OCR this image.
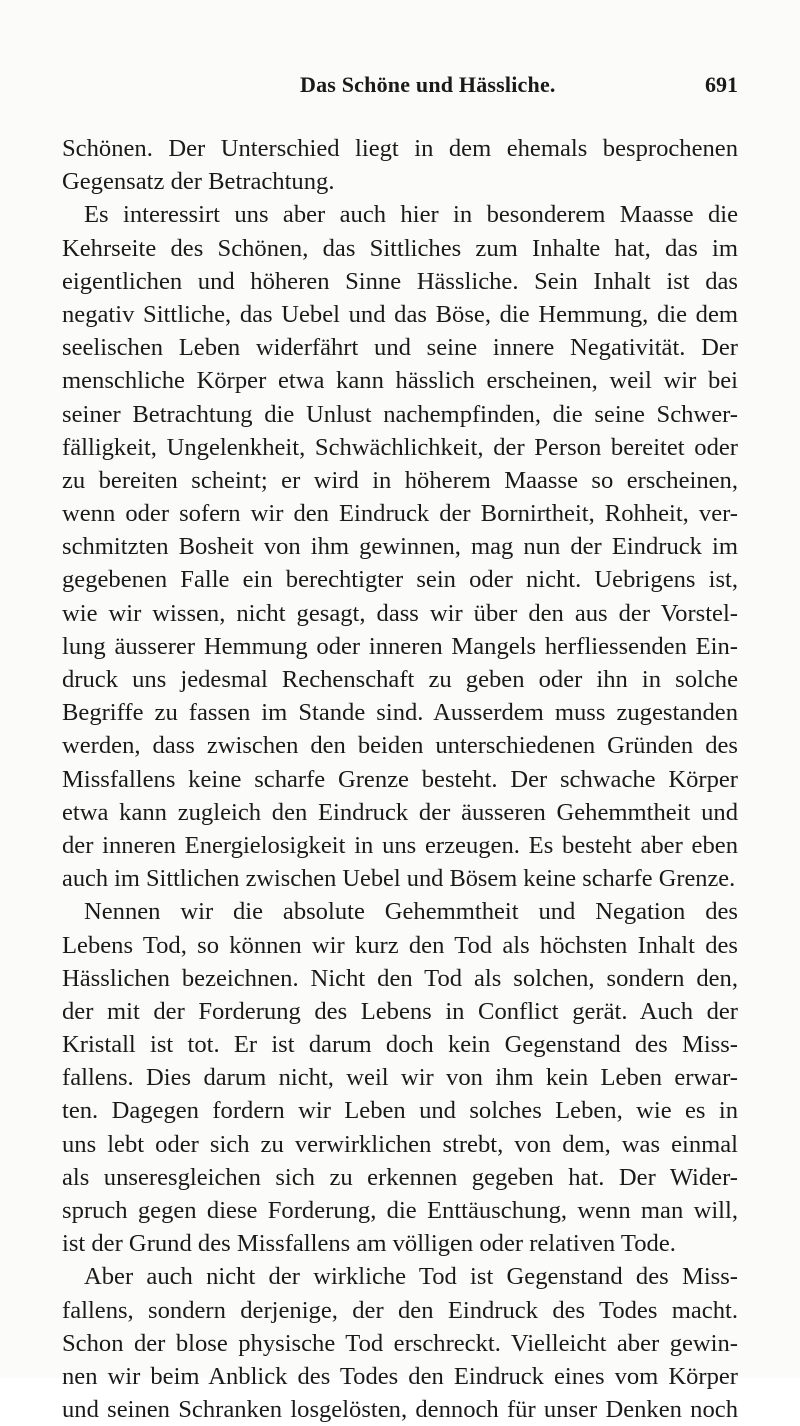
Das Schöne und Hässliche.	691
Schönen. Der Unterschied liegt in dem ehemals besprochenen
Gegensatz der Betrachtung.
Es interessirt uns aber auch hier in besonderem Maasse die
Kehrseite des Schönen, das Sittliches zum Inhalte hat, das im
eigentlichen und höheren Sinne Hässliche. Sein Inhalt ist das
negativ Sittliche, das Uebel und das Böse, die Hemmung, die dem
seelischen Leben widerfährt und seine innere Negativität. Der
menschliche Körper etwa kann hässlich erscheinen, weil wir bei
seiner Betrachtung die Unlust nachempfinden, die seine Schwer-
fälligkeit, Ungelenkheit, Schwächlichkeit, der Person bereitet oder
zu bereiten scheint; er wird in höherem Maasse so erscheinen,
wenn oder sofern wir den Eindruck der Bornirtheit, Rohheit, ver-
schmitzten Bosheit von ihm gewinnen, mag nun der Eindruck im
gegebenen Falle ein berechtigter sein oder nicht. Uebrigens ist,
wie wir wissen, nicht gesagt, dass wir über den aus der Vorstel-
lung äusserer Hemmung oder inneren Mangels herfliessenden Ein-
druck uns jedesmal Rechenschaft zu geben oder ihn in solche
Begriffe zu fassen im Stande sind. Ausserdem muss zugestanden
werden, dass zwischen den beiden unterschiedenen Gründen des
Missfallens keine scharfe Grenze besteht. Der schwache Körper
etwa kann zugleich den Eindruck der äusseren Gehemmtheit und
der inneren Energielosigkeit in uns erzeugen. Es besteht aber eben
auch im Sittlichen zwischen Uebel und Bösem keine scharfe Grenze.
Nennen wir die absolute Gehemmtheit und Negation des
Lebens Tod, so können wir kurz den Tod als höchsten Inhalt des
Hässlichen bezeichnen. Nicht den Tod als solchen, sondern den,
der mit der Forderung des Lebens in Conflict gerät. Auch der
Kristall ist tot. Er ist darum doch kein Gegenstand des Miss-
fallens. Dies darum nicht, weil wir von ihm kein Leben erwar-
ten. Dagegen fordern wir Leben und solches Leben, wie es in
uns lebt oder sich zu verwirklichen strebt, von dem, was einmal
als unseresgleichen sich zu erkennen gegeben hat. Der Wider-
spruch gegen diese Forderung, die Enttäuschung, wenn man will,
ist der Grund des Missfallens am völligen oder relativen Tode.
Aber auch nicht der wirkliche Tod ist Gegenstand des Miss-
fallens, sondern derjenige, der den Eindruck des Todes macht.
Schon der blose physische Tod erschreckt. Vielleicht aber gewin-
nen wir beim Anblick des Todes den Eindruck eines vom Körper
und seinen Schranken losgelösten, dennoch für unser Denken noch
